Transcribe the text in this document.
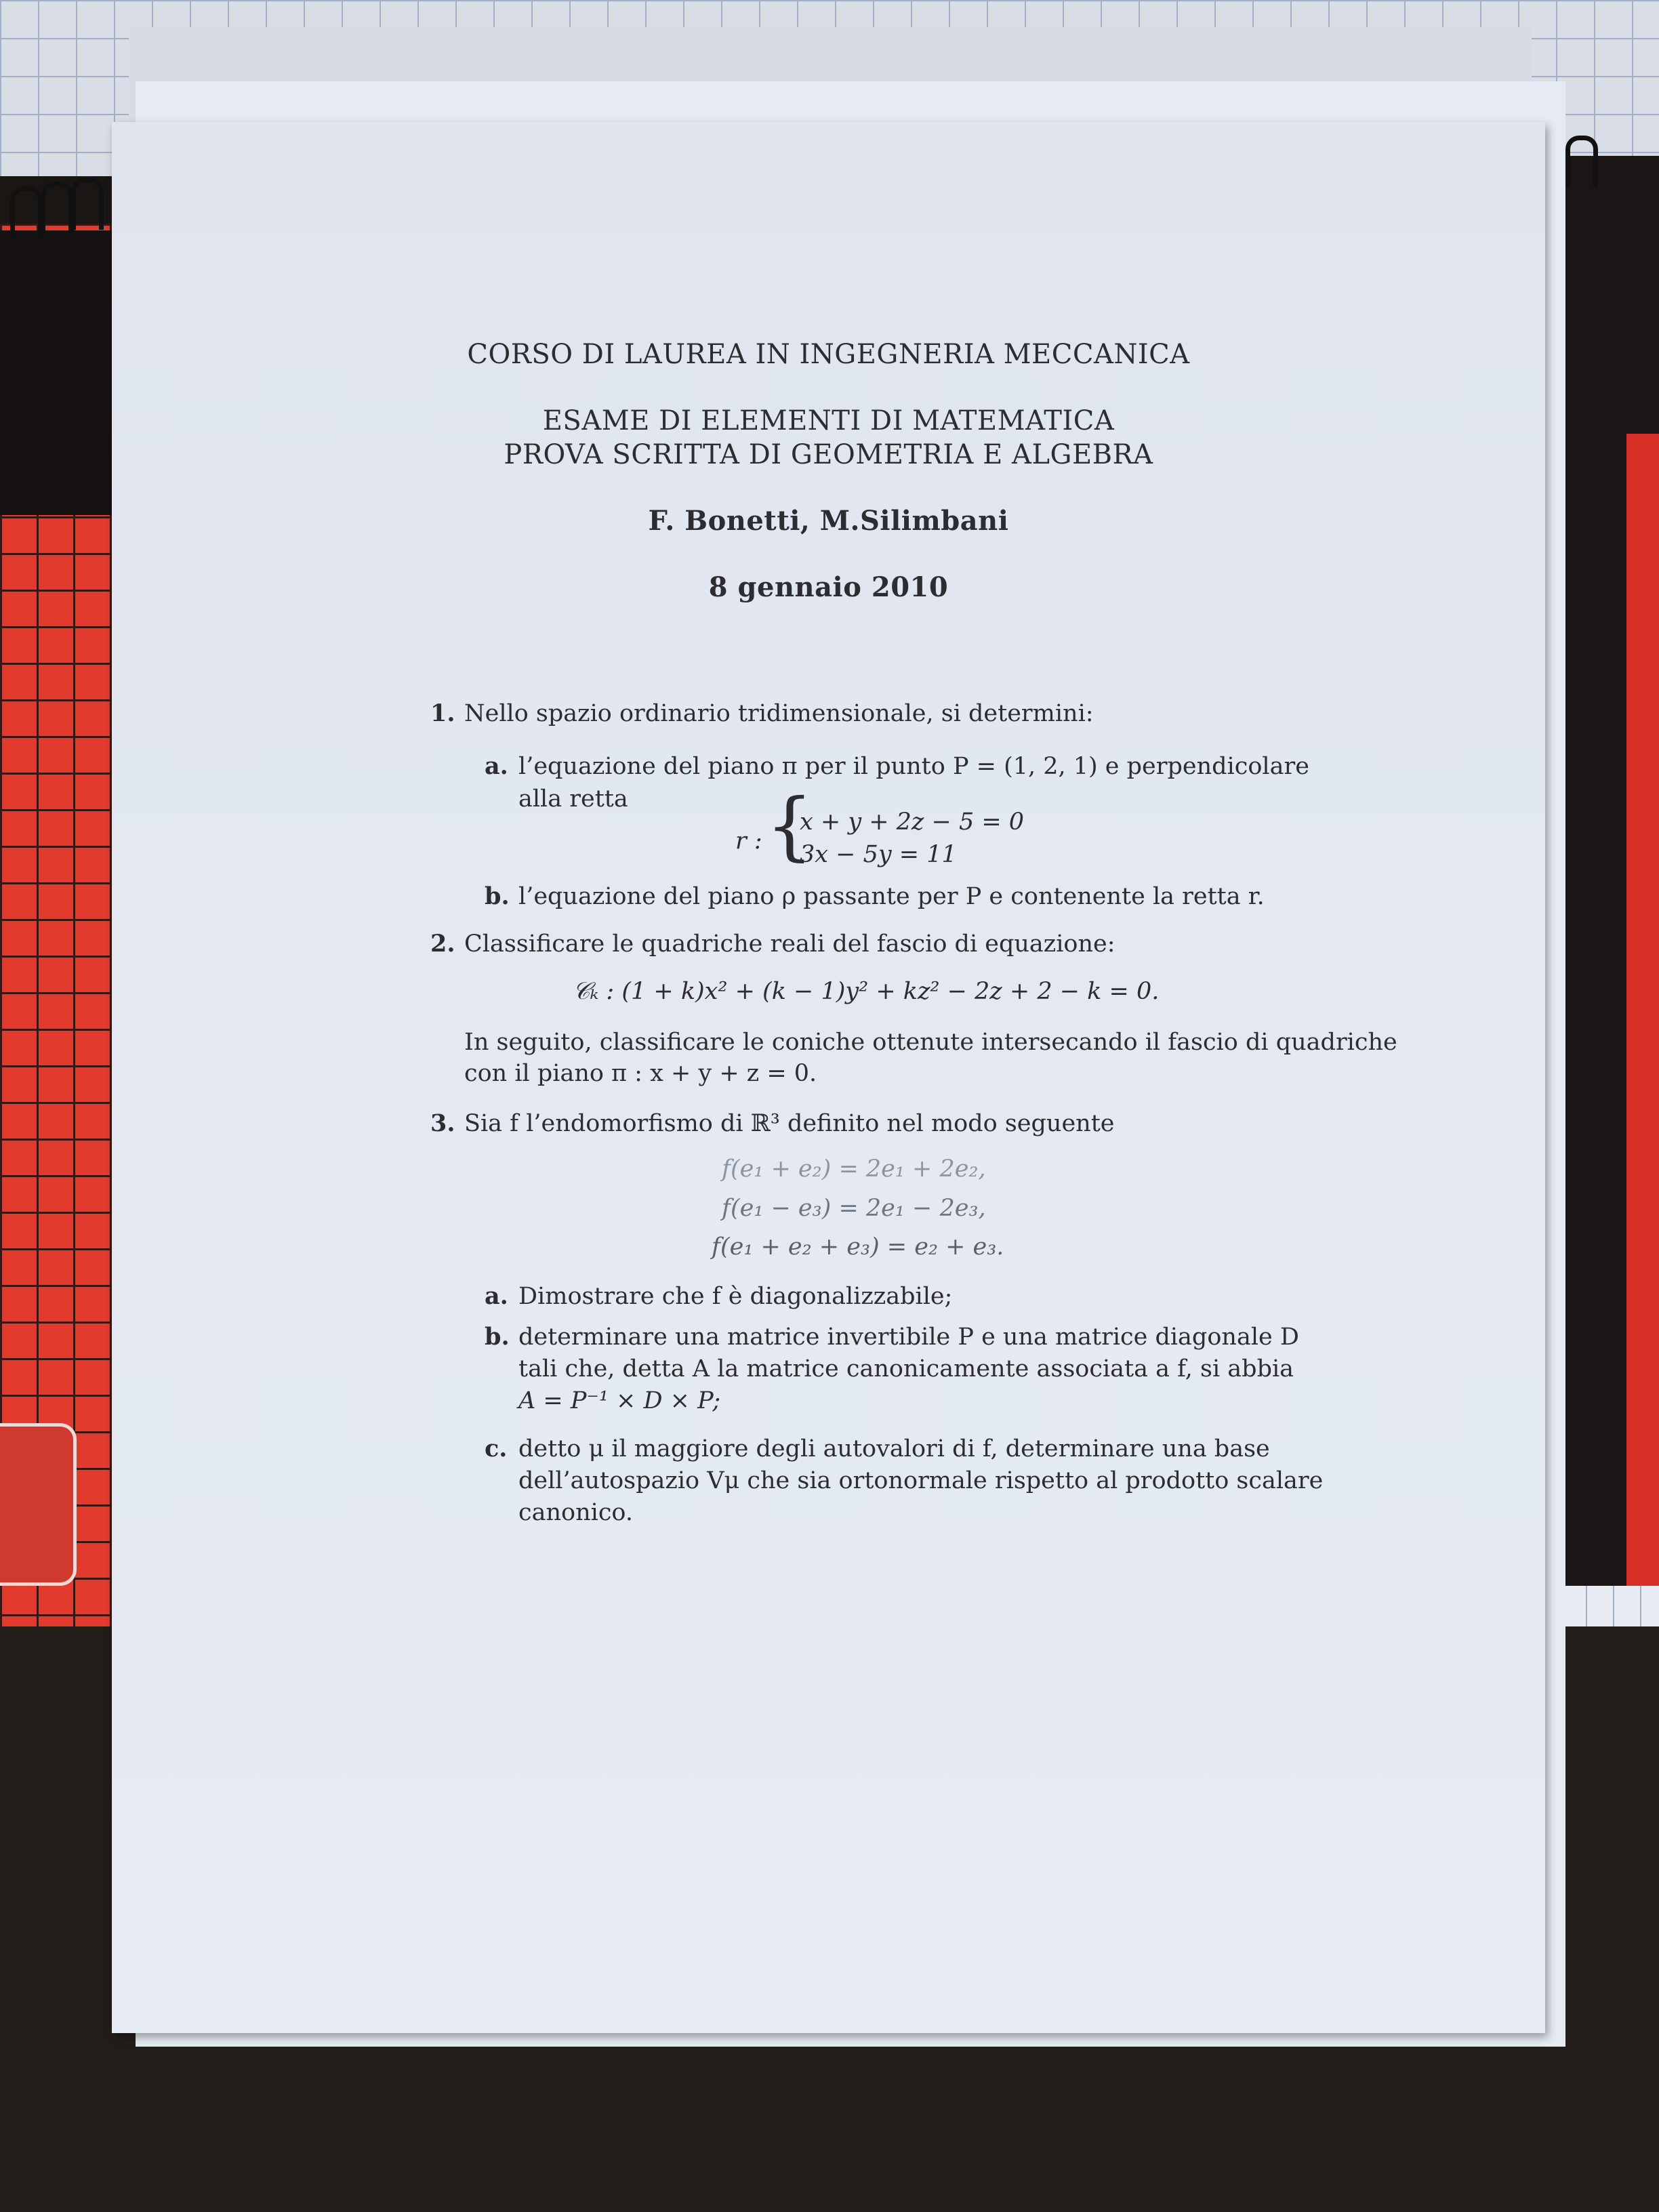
CORSO DI LAUREA IN INGEGNERIA MECCANICA
ESAME DI ELEMENTI DI MATEMATICA
PROVA SCRITTA DI GEOMETRIA E ALGEBRA
F. Bonetti, M.Silimbani
8 gennaio 2010
1. Nello spazio ordinario tridimensionale, si determini:
a. l’equazione del piano π per il punto P = (1, 2, 1) e perpendicolare
alla retta
r : {
x + y + 2z − 5 = 0
3x − 5y = 11
b. l’equazione del piano ρ passante per P e contenente la retta r.
2. Classificare le quadriche reali del fascio di equazione:
𝒞ₖ : (1 + k)x² + (k − 1)y² + kz² − 2z + 2 − k = 0.
In seguito, classificare le coniche ottenute intersecando il fascio di quadriche
con il piano π : x + y + z = 0.
3. Sia f l’endomorfismo di ℝ³ definito nel modo seguente
f(e₁ + e₂) = 2e₁ + 2e₂,
f(e₁ − e₃) = 2e₁ − 2e₃,
f(e₁ + e₂ + e₃) = e₂ + e₃.
a. Dimostrare che f è diagonalizzabile;
b. determinare una matrice invertibile P e una matrice diagonale D
tali che, detta A la matrice canonicamente associata a f, si abbia
A = P⁻¹ × D × P;
c. detto μ il maggiore degli autovalori di f, determinare una base
dell’autospazio Vμ che sia ortonormale rispetto al prodotto scalare
canonico.
